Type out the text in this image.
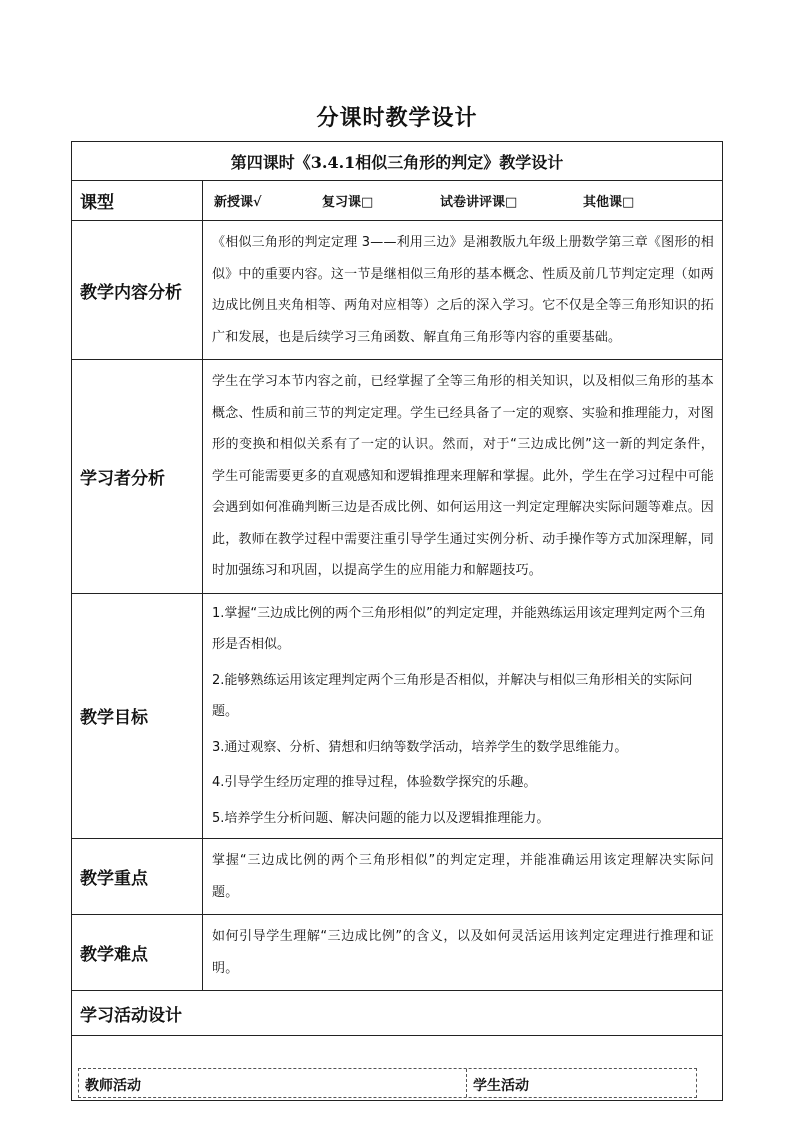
分课时教学设计
第四课时《3.4.1相似三角形的判定》教学设计	
课型	新授课√ 复习课□ 试卷讲评课□ 其他课□
教学内容分析	《相似三角形的判定定理 3——利用三边》是湘教版九年级上册数学第三章《图形的相似》中的重要内容。这一节是继相似三角形的基本概念、性质及前几节判定定理（如两边成比例且夹角相等、两角对应相等）之后的深入学习。它不仅是全等三角形知识的拓广和发展，也是后续学习三角函数、解直角三角形等内容的重要基础。

学习者分析	学生在学习本节内容之前，已经掌握了全等三角形的相关知识，以及相似三角形的基本概念、性质和前三节的判定定理。学生已经具备了一定的观察、实验和推理能力，对图形的变换和相似关系有了一定的认识。然而，对于“三边成比例”这一新的判定条件，学生可能需要更多的直观感知和逻辑推理来理解和掌握。此外，学生在学习过程中可能会遇到如何准确判断三边是否成比例、如何运用这一判定定理解决实际问题等难点。因此，教师在教学过程中需要注重引导学生通过实例分析、动手操作等方式加深理解，同时加强练习和巩固，以提高学生的应用能力和解题技巧。

教学目标	1.掌握“三边成比例的两个三角形相似”的判定定理，并能熟练运用该定理判定两个三角形是否相似。

2.能够熟练运用该定理判定两个三角形是否相似，并解决与相似三角形相关的实际问题。

3.通过观察、分析、猜想和归纳等数学活动，培养学生的数学思维能力。

4.引导学生经历定理的推导过程，体验数学探究的乐趣。

5.培养学生分析问题、解决问题的能力以及逻辑推理能力。

教学重点	掌握“三边成比例的两个三角形相似”的判定定理，并能准确运用该定理解决实际问题。

教学难点	如何引导学生理解“三边成比例”的含义，以及如何灵活运用该判定定理进行推理和证明。

学习活动设计	

教师活动 学生活动	
